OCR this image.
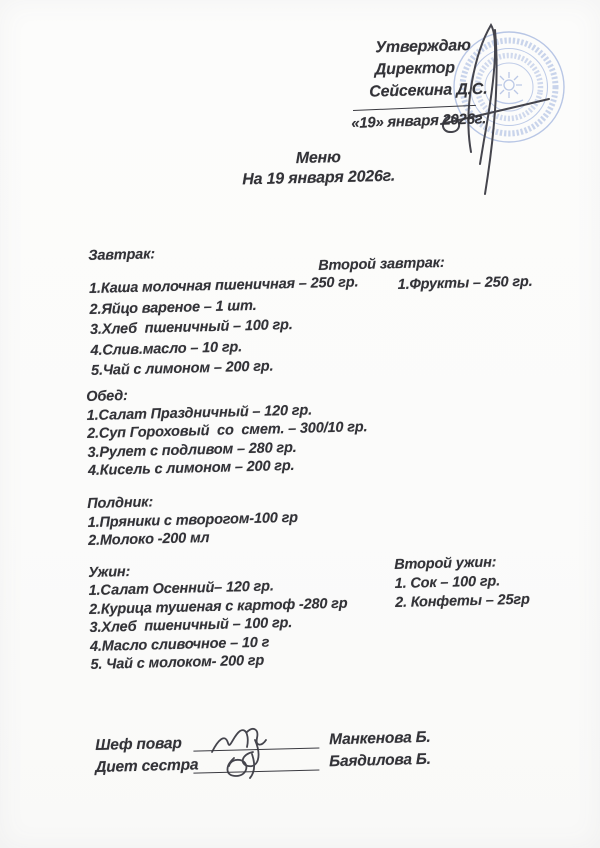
Утверждаю
Директор
Сейсекина Д.С.
«19» января 2026г.
Меню
На 19 января 2026г.
Завтрак:
1.Каша молочная пшеничная – 250 гр.
2.Яйцо вареное – 1 шт.
3.Хлеб  пшеничный – 100 гр.
4.Слив.масло – 10 гр.
5.Чай с лимоном – 200 гр.
Второй завтрак:
1.Фрукты – 250 гр.
Обед:
1.Салат Праздничный – 120 гр.
2.Суп Гороховый  со  смет. – 300/10 гр.
3.Рулет с подливом – 280 гр.
4.Кисель с лимоном – 200 гр.
Полдник:
1.Пряники с творогом-100 гр
2.Молоко -200 мл
Ужин:
1.Салат Осенний– 120 гр.
2.Курица тушеная с картоф -280 гр
3.Хлеб  пшеничный – 100 гр.
4.Масло сливочное – 10 г
5. Чай с молоком- 200 гр
Второй ужин:
1. Сок – 100 гр.
2. Конфеты – 25гр
Шеф повар	Манкенова Б.
Диет сестра	Баядилова Б.
